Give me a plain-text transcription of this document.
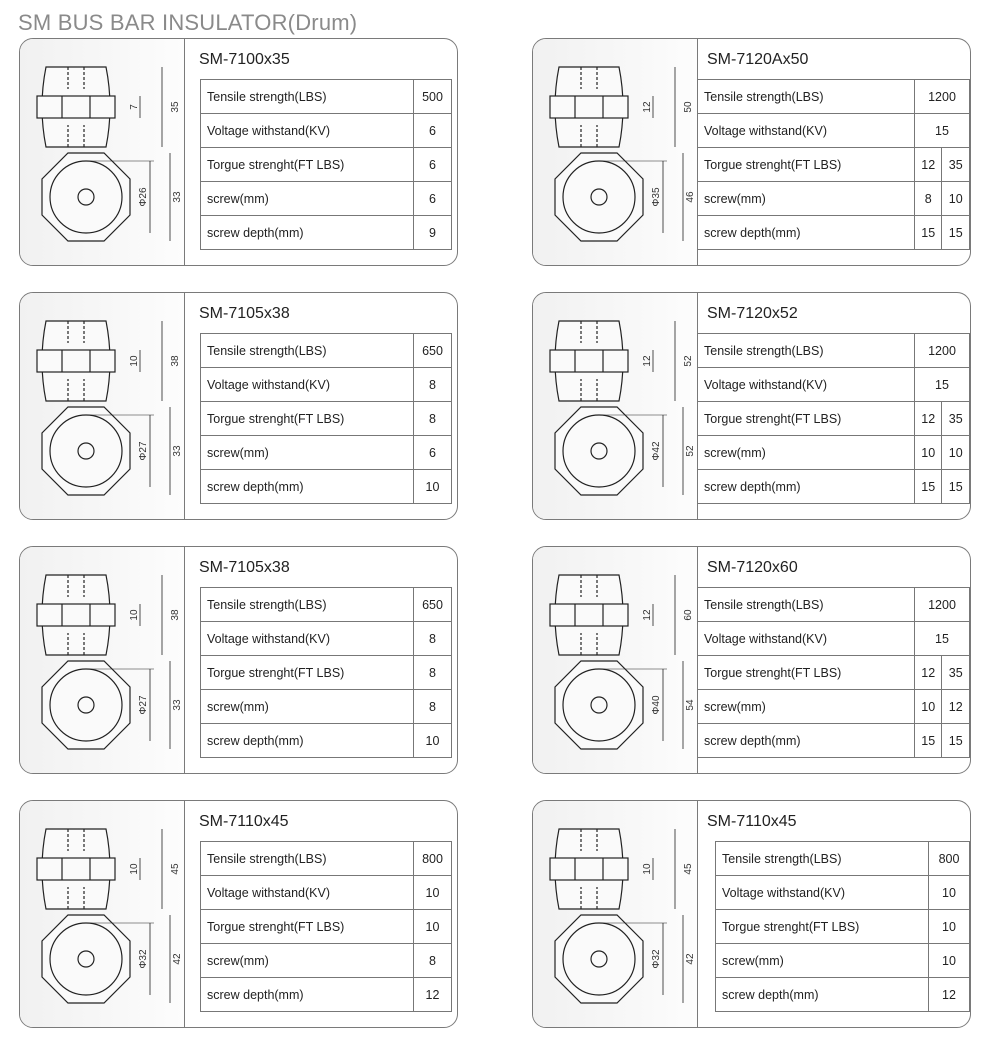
SM BUS BAR INSULATOR(Drum)
7	35
Φ26 33
SM-7100x35
Tensile strength(LBS)	500
Voltage withstand(KV)	6
Torgue strenght(FT LBS)	6
screw(mm)	6
screw depth(mm)	9
12	50
Φ35 46
SM-7120Ax50
Tensile strength(LBS)	1200	
Voltage withstand(KV)	15	
Torgue strenght(FT LBS)	12	35
screw(mm)	8	10
screw depth(mm)	15	15
10	38
Φ27 33
SM-7105x38
Tensile strength(LBS)	650
Voltage withstand(KV)	8
Torgue strenght(FT LBS)	8
screw(mm)	6
screw depth(mm)	10
12	52
Φ42 52
SM-7120x52
Tensile strength(LBS)	1200	
Voltage withstand(KV)	15	
Torgue strenght(FT LBS)	12	35
screw(mm)	10	10
screw depth(mm)	15	15
10	38
Φ27 33
SM-7105x38
Tensile strength(LBS)	650
Voltage withstand(KV)	8
Torgue strenght(FT LBS)	8
screw(mm)	8
screw depth(mm)	10
12	60
Φ40 54
SM-7120x60
Tensile strength(LBS)	1200	
Voltage withstand(KV)	15	
Torgue strenght(FT LBS)	12	35
screw(mm)	10	12
screw depth(mm)	15	15
10	45
Φ32 42
SM-7110x45
Tensile strength(LBS)	800
Voltage withstand(KV)	10
Torgue strenght(FT LBS)	10
screw(mm)	8
screw depth(mm)	12
10	45
Φ32 42
SM-7110x45
Tensile strength(LBS)	800
Voltage withstand(KV)	10
Torgue strenght(FT LBS)	10
screw(mm)	10
screw depth(mm)	12
